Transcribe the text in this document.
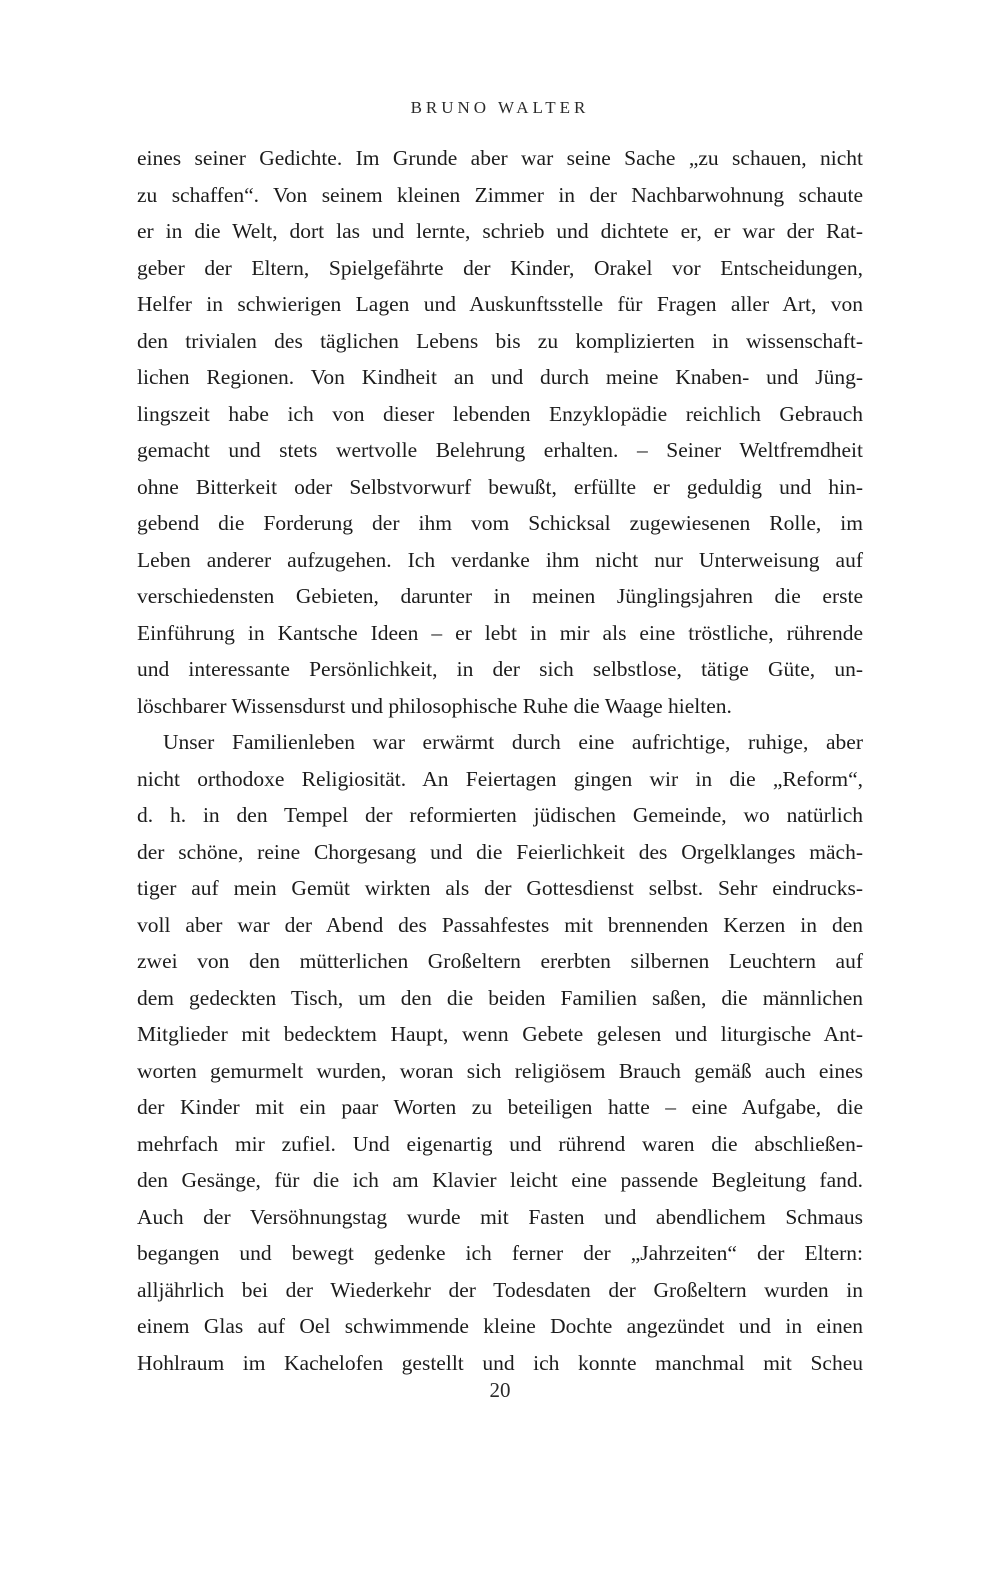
BRUNO WALTER
eines seiner Gedichte. Im Grunde aber war seine Sache „zu schauen, nicht
zu schaffen“. Von seinem kleinen Zimmer in der Nachbarwohnung schaute
er in die Welt, dort las und lernte, schrieb und dichtete er, er war der Rat-
geber der Eltern, Spielgefährte der Kinder, Orakel vor Entscheidungen,
Helfer in schwierigen Lagen und Auskunftsstelle für Fragen aller Art, von
den trivialen des täglichen Lebens bis zu komplizierten in wissenschaft-
lichen Regionen. Von Kindheit an und durch meine Knaben- und Jüng-
lingszeit habe ich von dieser lebenden Enzyklopädie reichlich Gebrauch
gemacht und stets wertvolle Belehrung erhalten. – Seiner Weltfremdheit
ohne Bitterkeit oder Selbstvorwurf bewußt, erfüllte er geduldig und hin-
gebend die Forderung der ihm vom Schicksal zugewiesenen Rolle, im
Leben anderer aufzugehen. Ich verdanke ihm nicht nur Unterweisung auf
verschiedensten Gebieten, darunter in meinen Jünglingsjahren die erste
Einführung in Kantsche Ideen – er lebt in mir als eine tröstliche, rührende
und interessante Persönlichkeit, in der sich selbstlose, tätige Güte, un-
löschbarer Wissensdurst und philosophische Ruhe die Waage hielten.
Unser Familienleben war erwärmt durch eine aufrichtige, ruhige, aber
nicht orthodoxe Religiosität. An Feiertagen gingen wir in die „Reform“,
d. h. in den Tempel der reformierten jüdischen Gemeinde, wo natürlich
der schöne, reine Chorgesang und die Feierlichkeit des Orgelklanges mäch-
tiger auf mein Gemüt wirkten als der Gottesdienst selbst. Sehr eindrucks-
voll aber war der Abend des Passahfestes mit brennenden Kerzen in den
zwei von den mütterlichen Großeltern ererbten silbernen Leuchtern auf
dem gedeckten Tisch, um den die beiden Familien saßen, die männlichen
Mitglieder mit bedecktem Haupt, wenn Gebete gelesen und liturgische Ant-
worten gemurmelt wurden, woran sich religiösem Brauch gemäß auch eines
der Kinder mit ein paar Worten zu beteiligen hatte – eine Aufgabe, die
mehrfach mir zufiel. Und eigenartig und rührend waren die abschließen-
den Gesänge, für die ich am Klavier leicht eine passende Begleitung fand.
Auch der Versöhnungstag wurde mit Fasten und abendlichem Schmaus
begangen und bewegt gedenke ich ferner der „Jahrzeiten“ der Eltern:
alljährlich bei der Wiederkehr der Todesdaten der Großeltern wurden in
einem Glas auf Oel schwimmende kleine Dochte angezündet und in einen
Hohlraum im Kachelofen gestellt und ich konnte manchmal mit Scheu
20
